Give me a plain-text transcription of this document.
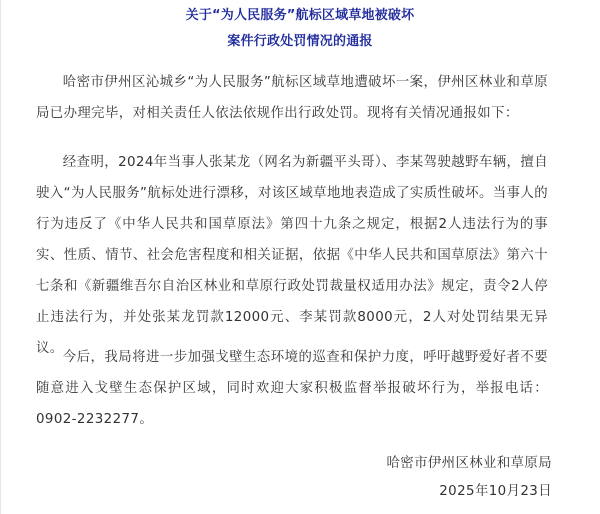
关于“为人民服务”航标区域草地被破坏
案件行政处罚情况的通报
哈密市伊州区沁城乡“为人民服务”航标区域草地遭破坏一案，伊州区林业和草原局已办理完毕，对相关责任人依法依规作出行政处罚。现将有关情况通报如下：
经查明，2024年当事人张某龙（网名为新疆平头哥）、李某驾驶越野车辆，擅自驶入“为人民服务”航标处进行漂移，对该区域草地地表造成了实质性破坏。当事人的行为违反了《中华人民共和国草原法》第四十九条之规定，根据2人违法行为的事实、性质、情节、社会危害程度和相关证据，依据《中华人民共和国草原法》第六十七条和《新疆维吾尔自治区林业和草原行政处罚裁量权适用办法》规定，责令2人停止违法行为，并处张某龙罚款12000元、李某罚款8000元，2人对处罚结果无异议。
今后，我局将进一步加强戈壁生态环境的巡查和保护力度，呼吁越野爱好者不要随意进入戈壁生态保护区域，同时欢迎大家积极监督举报破坏行为，举报电话：0902-2232277。
哈密市伊州区林业和草原局
2025年10月23日
